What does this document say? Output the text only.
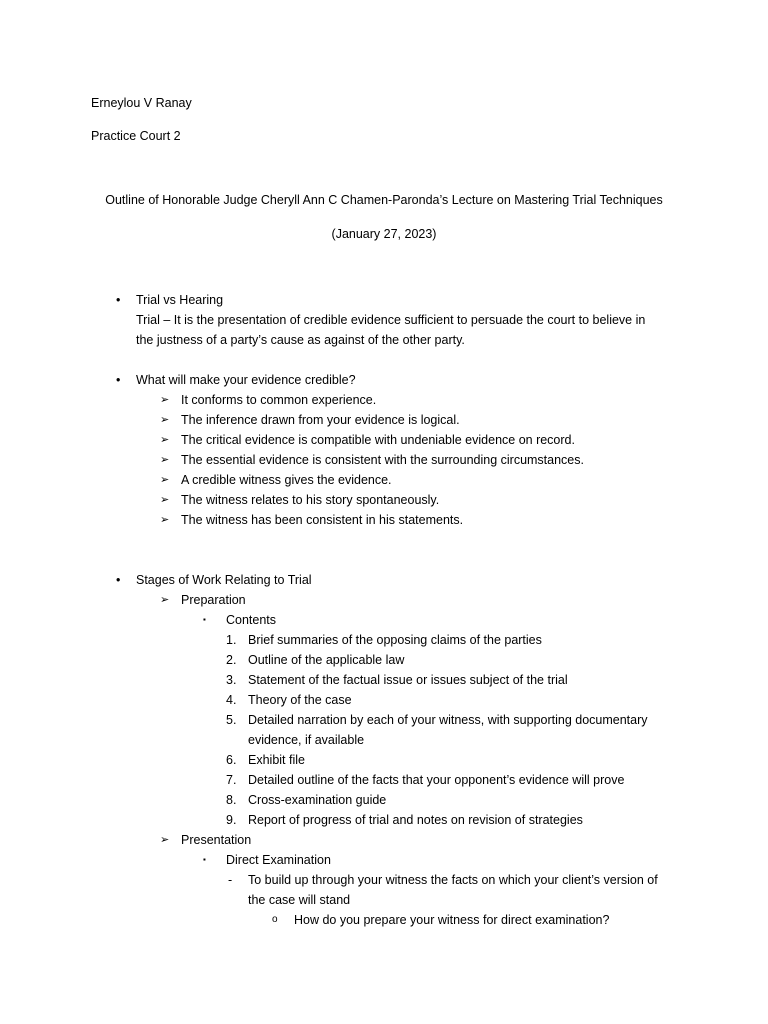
Erneylou V Ranay
Practice Court 2
Outline of Honorable Judge Cheryll Ann C Chamen-Paronda’s Lecture on Mastering Trial Techniques
(January 27, 2023)
• Trial vs Hearing
Trial – It is the presentation of credible evidence sufficient to persuade the court to believe in
the justness of a party’s cause as against of the other party.
• What will make your evidence credible?
➢ It conforms to common experience.
➢ The inference drawn from your evidence is logical.
➢ The critical evidence is compatible with undeniable evidence on record.
➢ The essential evidence is consistent with the surrounding circumstances.
➢ A credible witness gives the evidence.
➢ The witness relates to his story spontaneously.
➢ The witness has been consistent in his statements.
• Stages of Work Relating to Trial
➢ Preparation
▪ Contents
1. Brief summaries of the opposing claims of the parties
2. Outline of the applicable law
3. Statement of the factual issue or issues subject of the trial
4. Theory of the case
5. Detailed narration by each of your witness, with supporting documentary
evidence, if available
6. Exhibit file
7. Detailed outline of the facts that your opponent’s evidence will prove
8. Cross-examination guide
9. Report of progress of trial and notes on revision of strategies
➢ Presentation
▪ Direct Examination
- To build up through your witness the facts on which your client’s version of
the case will stand
o How do you prepare your witness for direct examination?
